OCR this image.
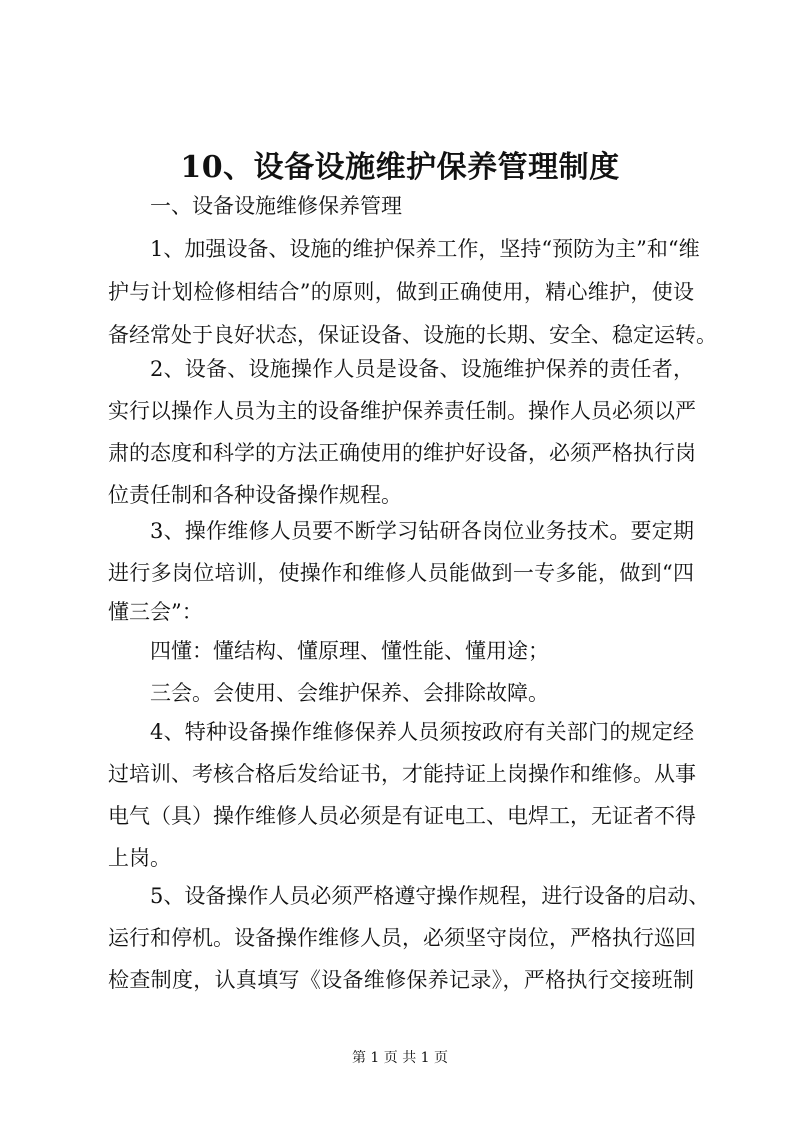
10、设备设施维护保养管理制度
一、设备设施维修保养管理
1、加强设备、设施的维护保养工作，坚持“预防为主”和“维
护与计划检修相结合”的原则，做到正确使用，精心维护，使设
备经常处于良好状态，保证设备、设施的长期、安全、稳定运转。
2、设备、设施操作人员是设备、设施维护保养的责任者，
实行以操作人员为主的设备维护保养责任制。操作人员必须以严
肃的态度和科学的方法正确使用的维护好设备，必须严格执行岗
位责任制和各种设备操作规程。
3、操作维修人员要不断学习钻研各岗位业务技术。要定期
进行多岗位培训，使操作和维修人员能做到一专多能，做到“四
懂三会”：
四懂：懂结构、懂原理、懂性能、懂用途；
三会。会使用、会维护保养、会排除故障。
4、特种设备操作维修保养人员须按政府有关部门的规定经
过培训、考核合格后发给证书，才能持证上岗操作和维修。从事
电气（具）操作维修人员必须是有证电工、电焊工，无证者不得
上岗。
5、设备操作人员必须严格遵守操作规程，进行设备的启动、
运行和停机。设备操作维修人员，必须坚守岗位，严格执行巡回
检查制度，认真填写《设备维修保养记录》，严格执行交接班制
第 1 页 共 1 页
